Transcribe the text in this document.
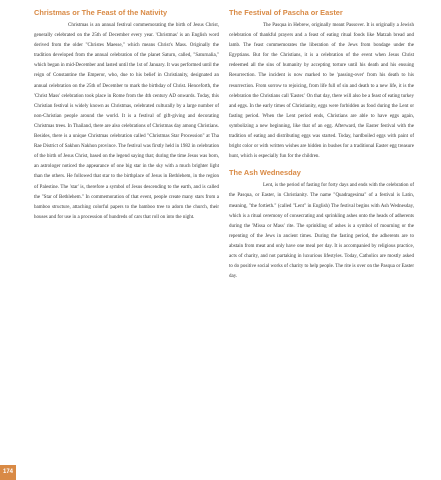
Christmas or The Feast of the Nativity

Christmas is an annual festival commemorating the birth of Jesus Christ, generally celebrated on the 25th of December every year. 'Christmas' is an English word derived from the older "Christes Maesse," which means Christ's Mass. Originally the tradition developed from the annual celebration of the planet Saturn, called, "Saturnalia," which began in mid-December and lasted until the 1st of January. It was performed until the reign of Constantine the Emperor, who, due to his belief in Christianity, designated an annual celebration on the 25th of December to mark the birthday of Christ. Henceforth, the 'Christ Mass' celebration took place in Rome from the 4th century AD onwards. Today, this Christian festival is widely known as Christmas, celebrated culturally by a large number of non-Christian people around the world. It is a festival of gift-giving and decorating Christmas trees. In Thailand, there are also celebrations of Christmas day among Christians. Besides, there is a unique Christmas celebration called "Christmas Star Procession" at Tha Rae District of Sakhon Nakhon province. The festival was firstly held in 1982 in celebration of the birth of Jesus Christ, based on the legend saying that; during the time Jesus was born, an astrologer noticed the appearance of one big star in the sky with a much brighter light than the others. He followed that star to the birthplace of Jesus in Bethlehem, in the region of Palestine. The 'star' is, therefore a symbol of Jesus descending to the earth, and is called the "Star of Bethlehem." In commemoration of that event, people create many stars from a bamboo structure, attaching colorful papers to the bamboo tree to adorn the church, their houses and for use in a procession of hundreds of cars that roll on into the night.

The Festival of Pascha or Easter

The Pasqua in Hebrew, originally meant Passover. It is originally a Jewish celebration of thankful prayers and a feast of eating ritual foods like Matzah bread and lamb. The feast commemorates the liberation of the Jews from bondage under the Egyptians. But for the Christians, it is a celebration of the event when Jesus Christ redeemed all the sins of humanity by accepting torture until his death and his ensuing Resurrection. The incident is now marked to be 'passing-over' from his death to his resurrection. From sorrow to rejoicing, from life full of sin and death to a new life, it is the celebration the Christians call 'Easter.' On that day, there will also be a feast of eating turkey and eggs. In the early times of Christianity, eggs were forbidden as food during the Lent or fasting period. When the Lent period ends, Christians are able to have eggs again, symbolizing a new beginning, like that of an egg. Afterward, the Easter festival with the tradition of eating and distributing eggs was started. Today, hardboiled eggs with paint of bright color or with written wishes are hidden in bushes for a traditional Easter egg treasure hunt, which is especially fun for the children.

The Ash Wednesday

Lent, is the period of fasting for forty days and ends with the celebration of the Pasqua, or Easter, in Christianity. The name "Quadragesima" of a festival is Latin, meaning, "the fortieth." (called "Lent" in English) The festival begins with Ash Wednesday, which is a ritual ceremony of consecrating and sprinkling ashes onto the heads of adherents during the 'Missa or Mass' rite. The sprinkling of ashes is a symbol of mourning or the repenting of the Jews in ancient times. During the fasting period, the adherents are to abstain from meat and only have one meal per day. It is accompanied by religious practice, acts of charity, and not partaking in luxurious lifestyles. Today, Catholics are mostly asked to do positive social works of charity to help people. The rite is over on the Pasqua or Easter day.

174
